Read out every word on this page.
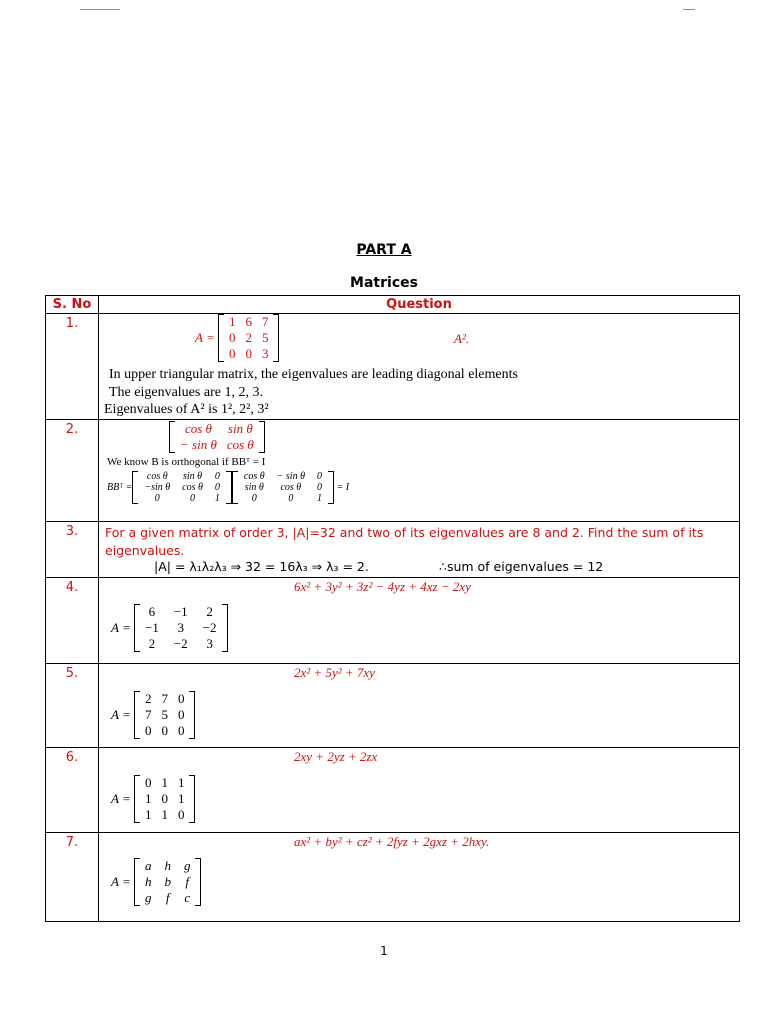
PART A
Matrices
S. No	Question
1.	
A =

1	6	7
0	2	5
0	0	3
A².
In upper triangular matrix, the eigenvalues are leading diagonal elements
The eigenvalues are 1, 2, 3.
Eigenvalues of A² is 1², 2², 3²

2.		cos θ	sin θ
− sin θ	cos θ
We know B is orthogonal if BBᵀ = I
BBᵀ =
cos θ	sin θ	0
−sin θ	cos θ	0
0	0	1
cos θ	− sin θ	0
sin θ	cos θ	0
0	0	1

= I

3.	For a given matrix of order 3, |A|=32 and two of its eigenvalues are 8 and 2. Find the sum of its eigenvalues.
|A| = λ₁λ₂λ₃ ⇒ 32 = 16λ₃ ⇒ λ₃ = 2.	∴sum of eigenvalues = 12

4.	6x² + 3y² + 3z² − 4yz + 4xz − 2xy
A =

6	−1	2
−1	3	−2
2	−2	3

5.	2x² + 5y² + 7xy
A =

2	7	0
7	5	0
0	0	0

6.	2xy + 2yz + 2zx
A =

0	1	1
1	0	1
1	1	0

7.	ax² + by² + cz² + 2fyz + 2gxz + 2hxy.
A =

a	h	g
h	b	f
g	f	c
1
